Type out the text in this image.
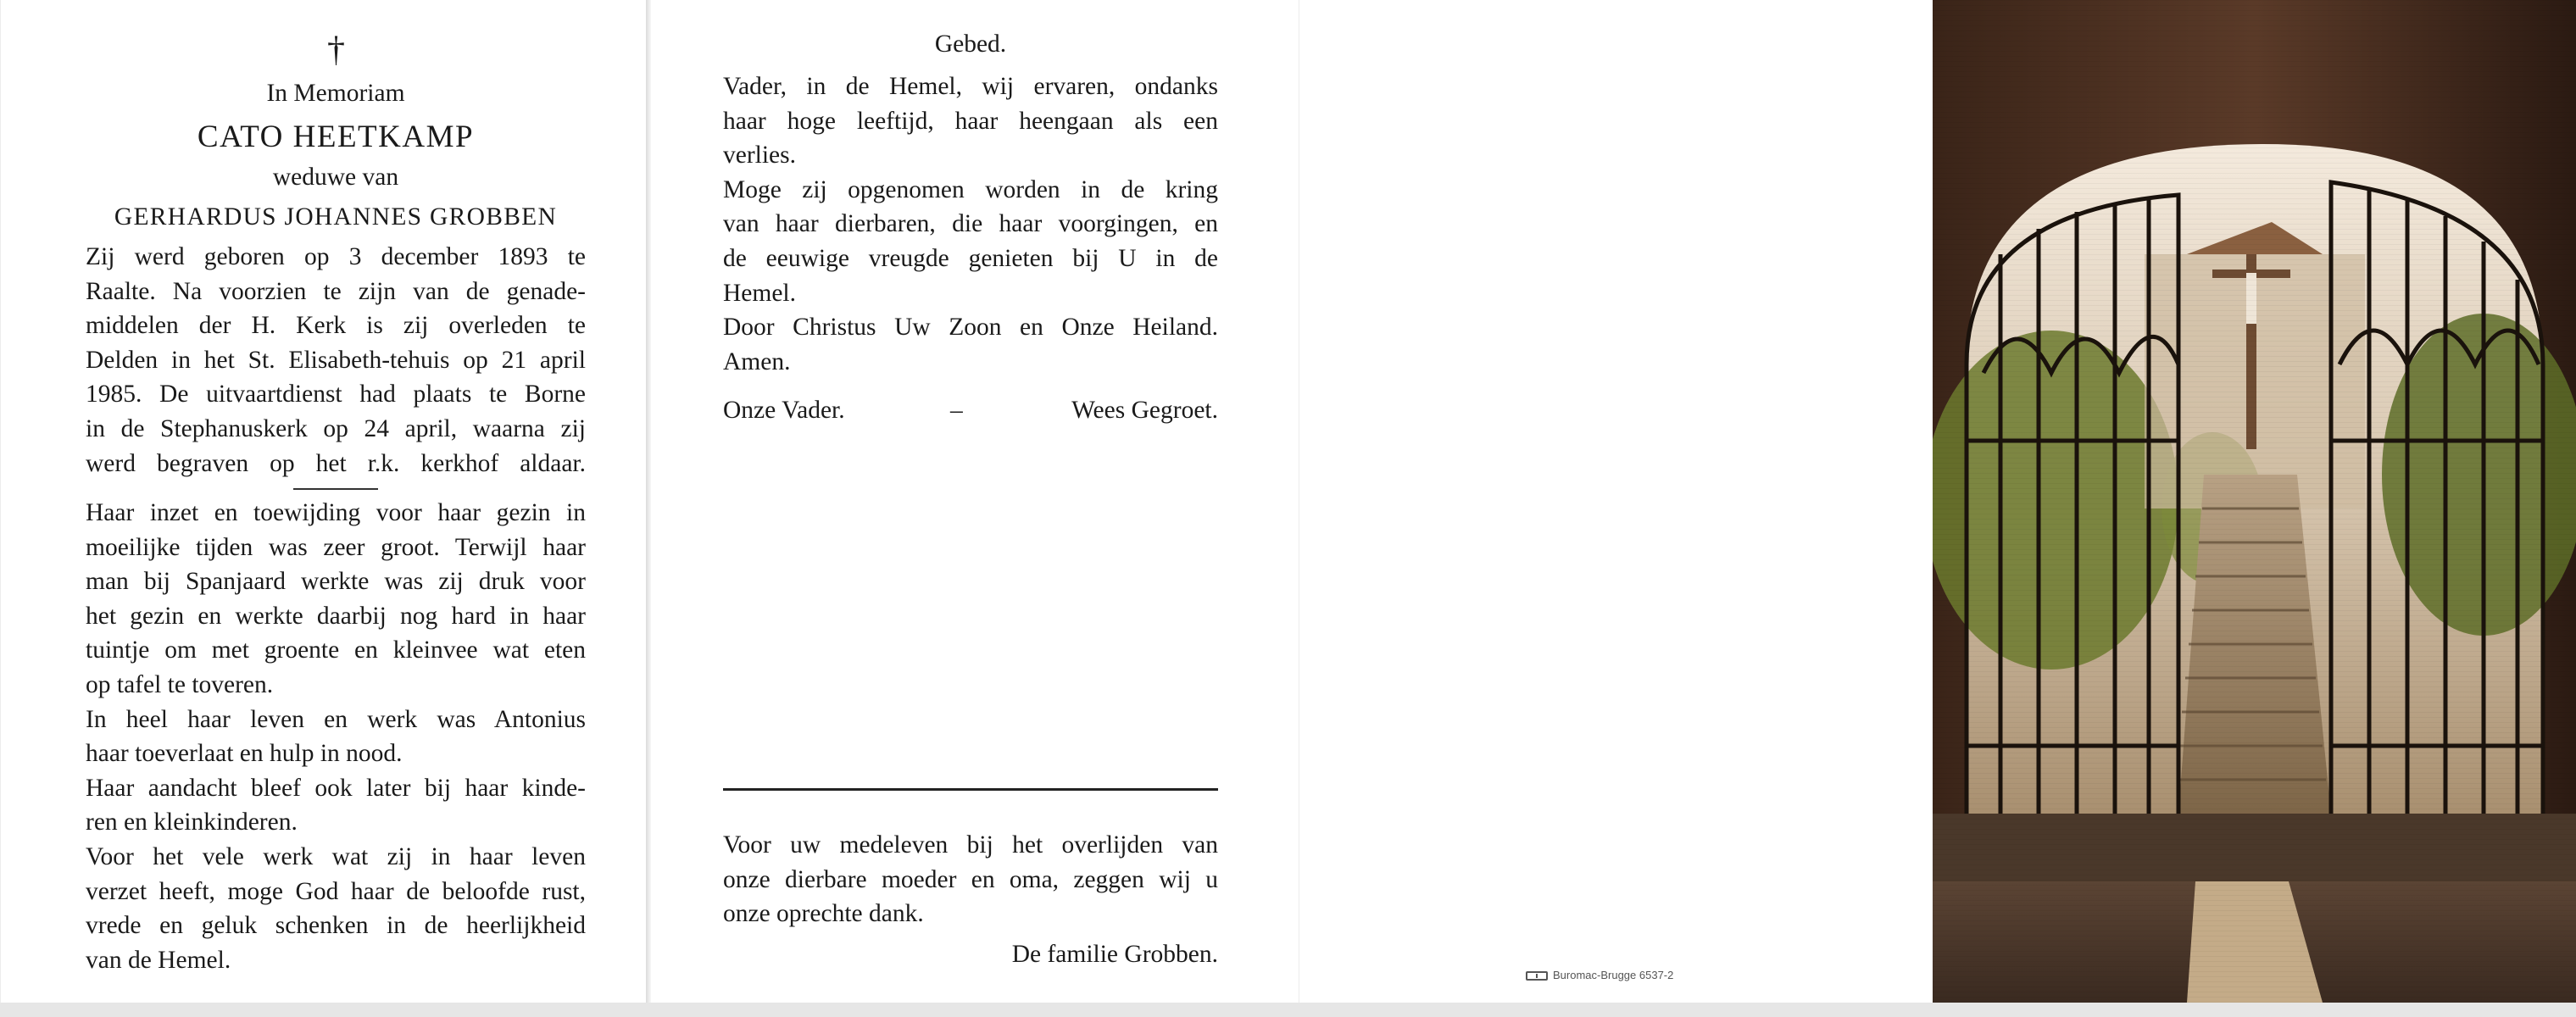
†
In Memoriam
CATO HEETKAMP
weduwe van
GERHARDUS JOHANNES GROBBEN
Zij werd geboren op 3 december 1893 te
Raalte. Na voorzien te zijn van de genade-
middelen der H. Kerk is zij overleden te
Delden in het St. Elisabeth-tehuis op 21 april
1985. De uitvaartdienst had plaats te Borne
in de Stephanuskerk op 24 april, waarna zij
werd begraven op het r.k. kerkhof aldaar.
Haar inzet en toewijding voor haar gezin in
moeilijke tijden was zeer groot. Terwijl haar
man bij Spanjaard werkte was zij druk voor
het gezin en werkte daarbij nog hard in haar
tuintje om met groente en kleinvee wat eten
op tafel te toveren.
In heel haar leven en werk was Antonius
haar toeverlaat en hulp in nood.
Haar aandacht bleef ook later bij haar kinde-
ren en kleinkinderen.
Voor het vele werk wat zij in haar leven
verzet heeft, moge God haar de beloofde rust,
vrede en geluk schenken in de heerlijkheid
van de Hemel.
Gebed.
Vader, in de Hemel, wij ervaren, ondanks
haar hoge leeftijd, haar heengaan als een
verlies.
Moge zij opgenomen worden in de kring
van haar dierbaren, die haar voorgingen, en
de eeuwige vreugde genieten bij U in de
Hemel.
Door Christus Uw Zoon en Onze Heiland.
Amen.
Onze Vader.	–	Wees Gegroet.
Voor uw medeleven bij het overlijden van
onze dierbare moeder en oma, zeggen wij u
onze oprechte dank.
De familie Grobben.
Buromac-Brugge 6537-2
